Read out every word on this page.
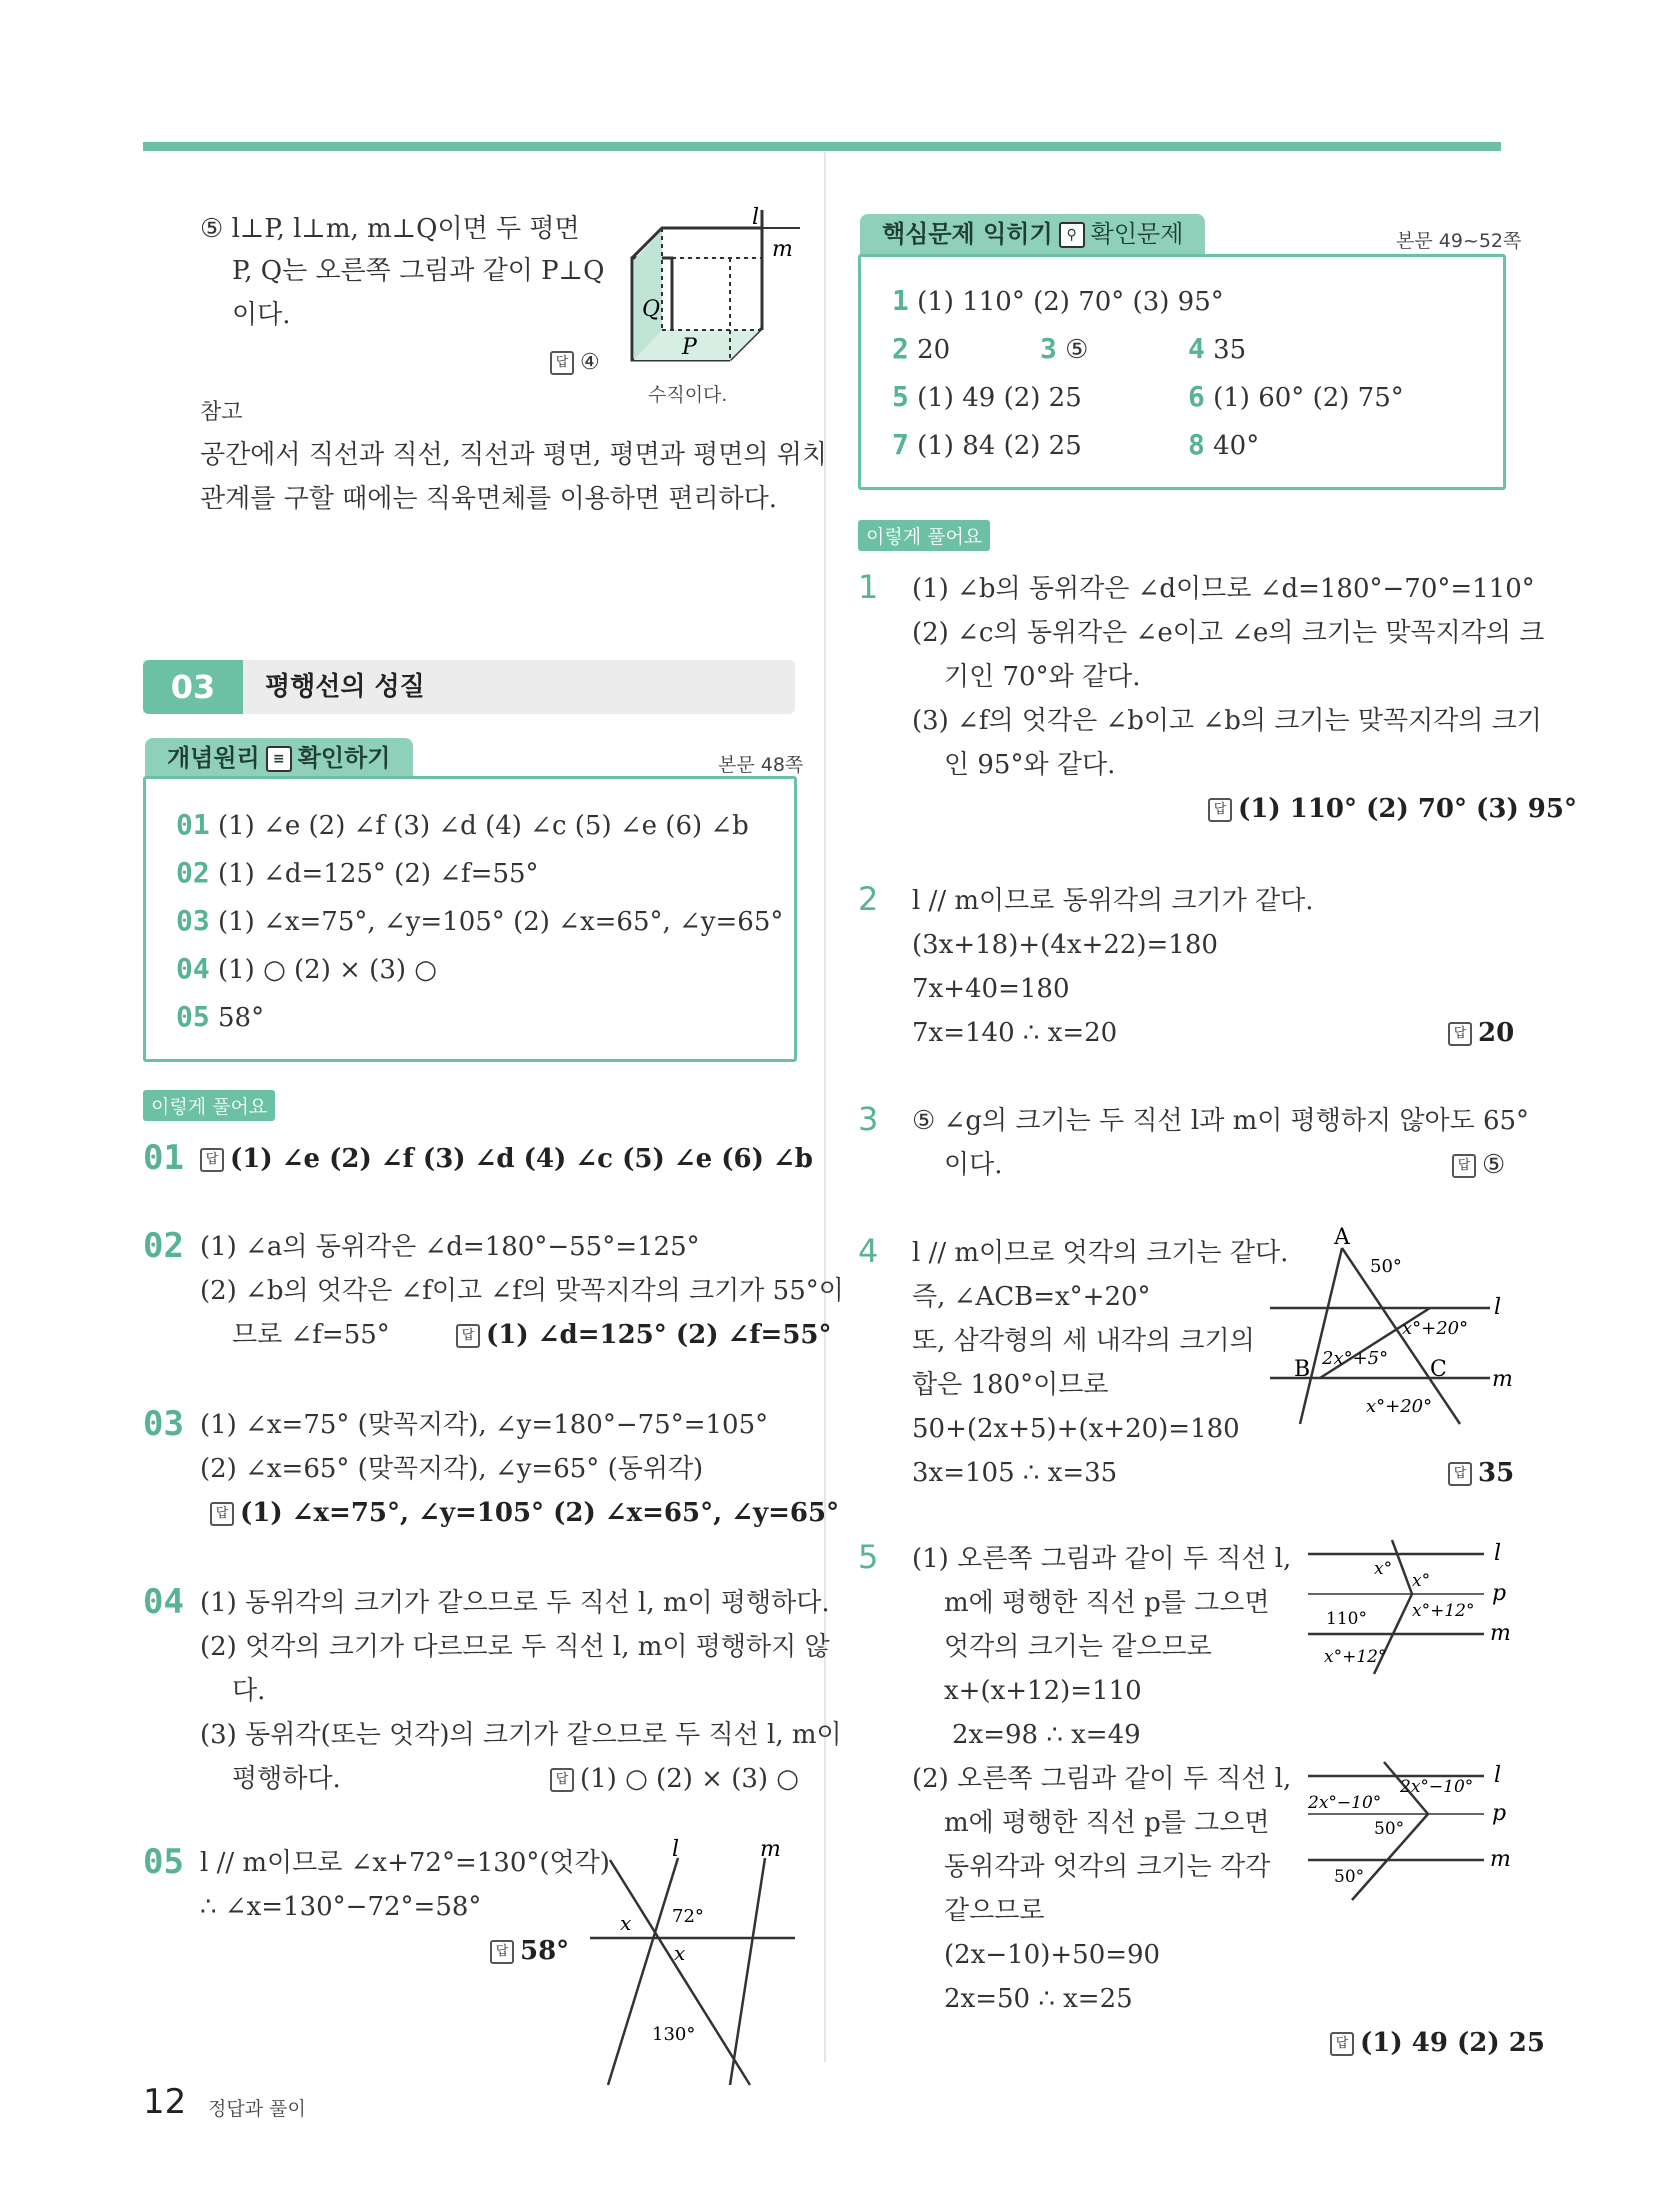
⑤ l⊥P, l⊥m, m⊥Q이면 두 평면
P, Q는 오른쪽 그림과 같이 P⊥Q
이다.
답 ④
l
m
Q
P
수직이다.
참고
공간에서 직선과 직선, 직선과 평면, 평면과 평면의 위치
관계를 구할 때에는 직육면체를 이용하면 편리하다.
03	평행선의 성질
개념원리 ≡ 확인하기	본문 48쪽
01 (1) ∠e (2) ∠f (3) ∠d (4) ∠c (5) ∠e (6) ∠b
02 (1) ∠d=125° (2) ∠f=55°
03 (1) ∠x=75°, ∠y=105° (2) ∠x=65°, ∠y=65°
04 (1) ○ (2) × (3) ○
05 58°
이렇게 풀어요
01	답 (1) ∠e (2) ∠f (3) ∠d (4) ∠c (5) ∠e (6) ∠b
02 (1) ∠a의 동위각은 ∠d=180°−55°=125°
(2) ∠b의 엇각은 ∠f이고 ∠f의 맞꼭지각의 크기가 55°이
므로 ∠f=55°	답 (1) ∠d=125° (2) ∠f=55°
03 (1) ∠x=75° (맞꼭지각), ∠y=180°−75°=105°
(2) ∠x=65° (맞꼭지각), ∠y=65° (동위각)
답 (1) ∠x=75°, ∠y=105° (2) ∠x=65°, ∠y=65°
04 (1) 동위각의 크기가 같으므로 두 직선 l, m이 평행하다.
(2) 엇각의 크기가 다르므로 두 직선 l, m이 평행하지 않
다.
(3) 동위각(또는 엇각)의 크기가 같으므로 두 직선 l, m이
평행하다.	답 (1) ○ (2) × (3) ○
05 l // m이므로 ∠x+72°=130°(엇각)
∴ ∠x=130°−72°=58°
답 58°
l	m
x 72°
x
130°
12 정답과 풀이
핵심문제 익히기 ⚲ 확인문제	본문 49~52쪽
1 (1) 110° (2) 70° (3) 95°
2 20	3 ⑤	4 35
5 (1) 49 (2) 25	6 (1) 60° (2) 75°
7 (1) 84 (2) 25	8 40°
이렇게 풀어요
1 (1) ∠b의 동위각은 ∠d이므로 ∠d=180°−70°=110°
(2) ∠c의 동위각은 ∠e이고 ∠e의 크기는 맞꼭지각의 크
기인 70°와 같다.
(3) ∠f의 엇각은 ∠b이고 ∠b의 크기는 맞꼭지각의 크기
인 95°와 같다.
답 (1) 110° (2) 70° (3) 95°
2 l // m이므로 동위각의 크기가 같다.
(3x+18)+(4x+22)=180
7x+40=180
7x=140 ∴ x=20	답 20
3 ⑤ ∠g의 크기는 두 직선 l과 m이 평행하지 않아도 65°
이다.	답 ⑤
4 l // m이므로 엇각의 크기는 같다.
즉, ∠ACB=x°+20°
또, 삼각형의 세 내각의 크기의
합은 180°이므로
50+(2x+5)+(x+20)=180
3x=105 ∴ x=35	답 35
A
B	C
50°
x°+20°
2x°+5°
x°+20°
l
m
5 (1) 오른쪽 그림과 같이 두 직선 l,
m에 평행한 직선 p를 그으면
엇각의 크기는 같으므로
x+(x+12)=110
2x=98 ∴ x=49
l
p
m
x°
x°
110°	x°+12°
x°+12°
(2) 오른쪽 그림과 같이 두 직선 l,
m에 평행한 직선 p를 그으면
동위각과 엇각의 크기는 각각
같으므로
(2x−10)+50=90
2x=50 ∴ x=25
l
p
m
2x°−10°
2x°−10°
50°
50°
답 (1) 49 (2) 25
